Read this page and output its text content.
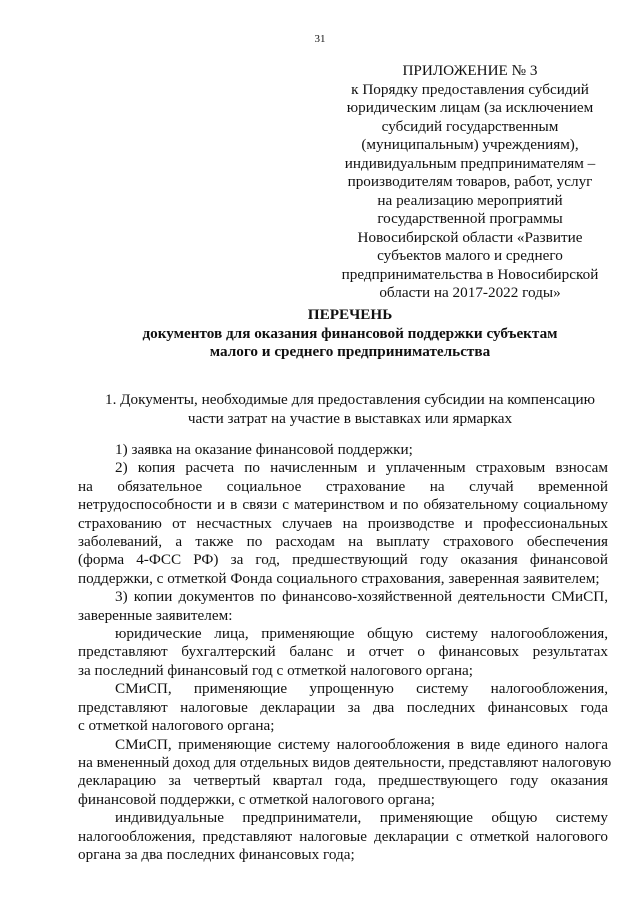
31
ПРИЛОЖЕНИЕ № 3
к Порядку предоставления субсидий
юридическим лицам (за исключением
субсидий государственным
(муниципальным) учреждениям),
индивидуальным предпринимателям –
производителям товаров, работ, услуг
на реализацию мероприятий
государственной программы
Новосибирской области «Развитие
субъектов малого и среднего
предпринимательства в Новосибирской
области на 2017-2022 годы»
ПЕРЕЧЕНЬ
документов для оказания финансовой поддержки субъектам
малого и среднего предпринимательства
1. Документы, необходимые для предоставления субсидии на компенсацию
части затрат на участие в выставках или ярмарках

1) заявка на оказание финансовой поддержки;

2) копия расчета по начисленным и уплаченным страховым взносам
на обязательное социальное страхование на случай временной
нетрудоспособности и в связи с материнством и по обязательному социальному
страхованию от несчастных случаев на производстве и профессиональных
заболеваний, а также по расходам на выплату страхового обеспечения
(форма 4-ФСС РФ) за год, предшествующий году оказания финансовой
поддержки, с отметкой Фонда социального страхования, заверенная заявителем;

3) копии документов по финансово-хозяйственной деятельности СМиСП,
заверенные заявителем:

юридические лица, применяющие общую систему налогообложения,
представляют бухгалтерский баланс и отчет о финансовых результатах
за последний финансовый год с отметкой налогового органа;

СМиСП, применяющие упрощенную систему налогообложения,
представляют налоговые декларации за два последних финансовых года
с отметкой налогового органа;

СМиСП, применяющие систему налогообложения в виде единого налога
на вмененный доход для отдельных видов деятельности, представляют налоговую
декларацию за четвертый квартал года, предшествующего году оказания
финансовой поддержки, с отметкой налогового органа;

индивидуальные предприниматели, применяющие общую систему
налогообложения, представляют налоговые декларации с отметкой налогового
органа за два последних финансовых года;
